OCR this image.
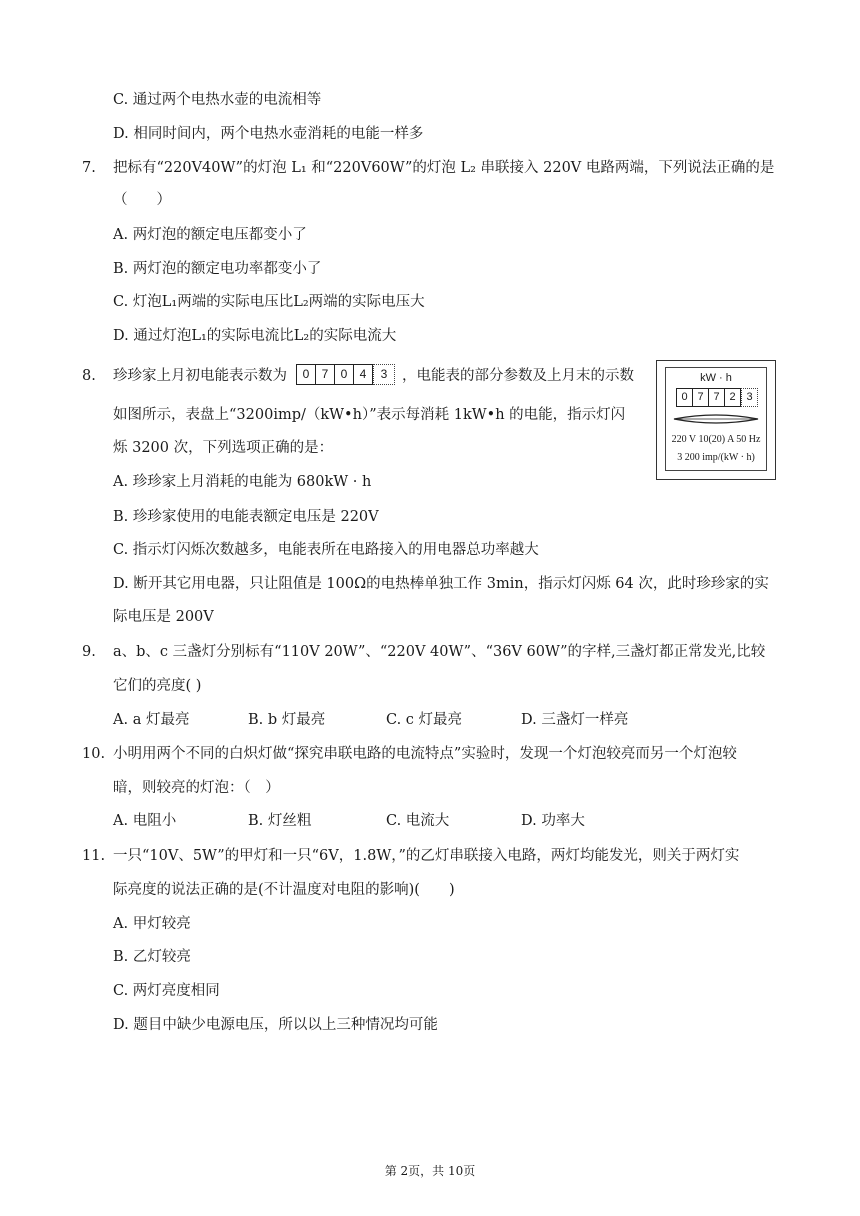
C. 通过两个电热水壶的电流相等
D. 相同时间内，两个电热水壶消耗的电能一样多
7. 把标有“220V40W”的灯泡 L₁ 和“220V60W”的灯泡 L₂ 串联接入 220V 电路两端，下列说法正确的是
（　　）
A. 两灯泡的额定电压都变小了
B. 两灯泡的额定电功率都变小了
C. 灯泡L₁两端的实际电压比L₂两端的实际电压大
D. 通过灯泡L₁的实际电流比L₂的实际电流大
8. 珍珍家上月初电能表示数为	0	7	0	4	3	，电能表的部分参数及上月末的示数
如图所示，表盘上“3200imp/（kW•h）”表示每消耗 1kW•h 的电能，指示灯闪
烁 3200 次，下列选项正确的是：
kW · h
0 7 7 2 3
220 V 10(20) A 50 Hz
3 200 imp/(kW · h)
A. 珍珍家上月消耗的电能为 680kW · h
B. 珍珍家使用的电能表额定电压是 220V
C. 指示灯闪烁次数越多，电能表所在电路接入的用电器总功率越大
D. 断开其它用电器，只让阻值是 100Ω的电热棒单独工作 3min，指示灯闪烁 64 次，此时珍珍家的实
际电压是 200V
9. a、b、c 三盏灯分别标有“110V 20W”、“220V 40W”、“36V 60W”的字样,三盏灯都正常发光,比较
它们的亮度( )
A. a 灯最亮	B. b 灯最亮	C. c 灯最亮	D. 三盏灯一样亮
10. 小明用两个不同的白炽灯做“探究串联电路的电流特点”实验时，发现一个灯泡较亮而另一个灯泡较
暗，则较亮的灯泡：（　）
A. 电阻小	B. 灯丝粗	C. 电流大	D. 功率大
11. 一只“10V、5W”的甲灯和一只“6V，1.8W，”的乙灯串联接入电路，两灯均能发光，则关于两灯实
际亮度的说法正确的是(不计温度对电阻的影响)(　　)
A. 甲灯较亮
B. 乙灯较亮
C. 两灯亮度相同
D. 题目中缺少电源电压，所以以上三种情况均可能
第 2页，共 10页
